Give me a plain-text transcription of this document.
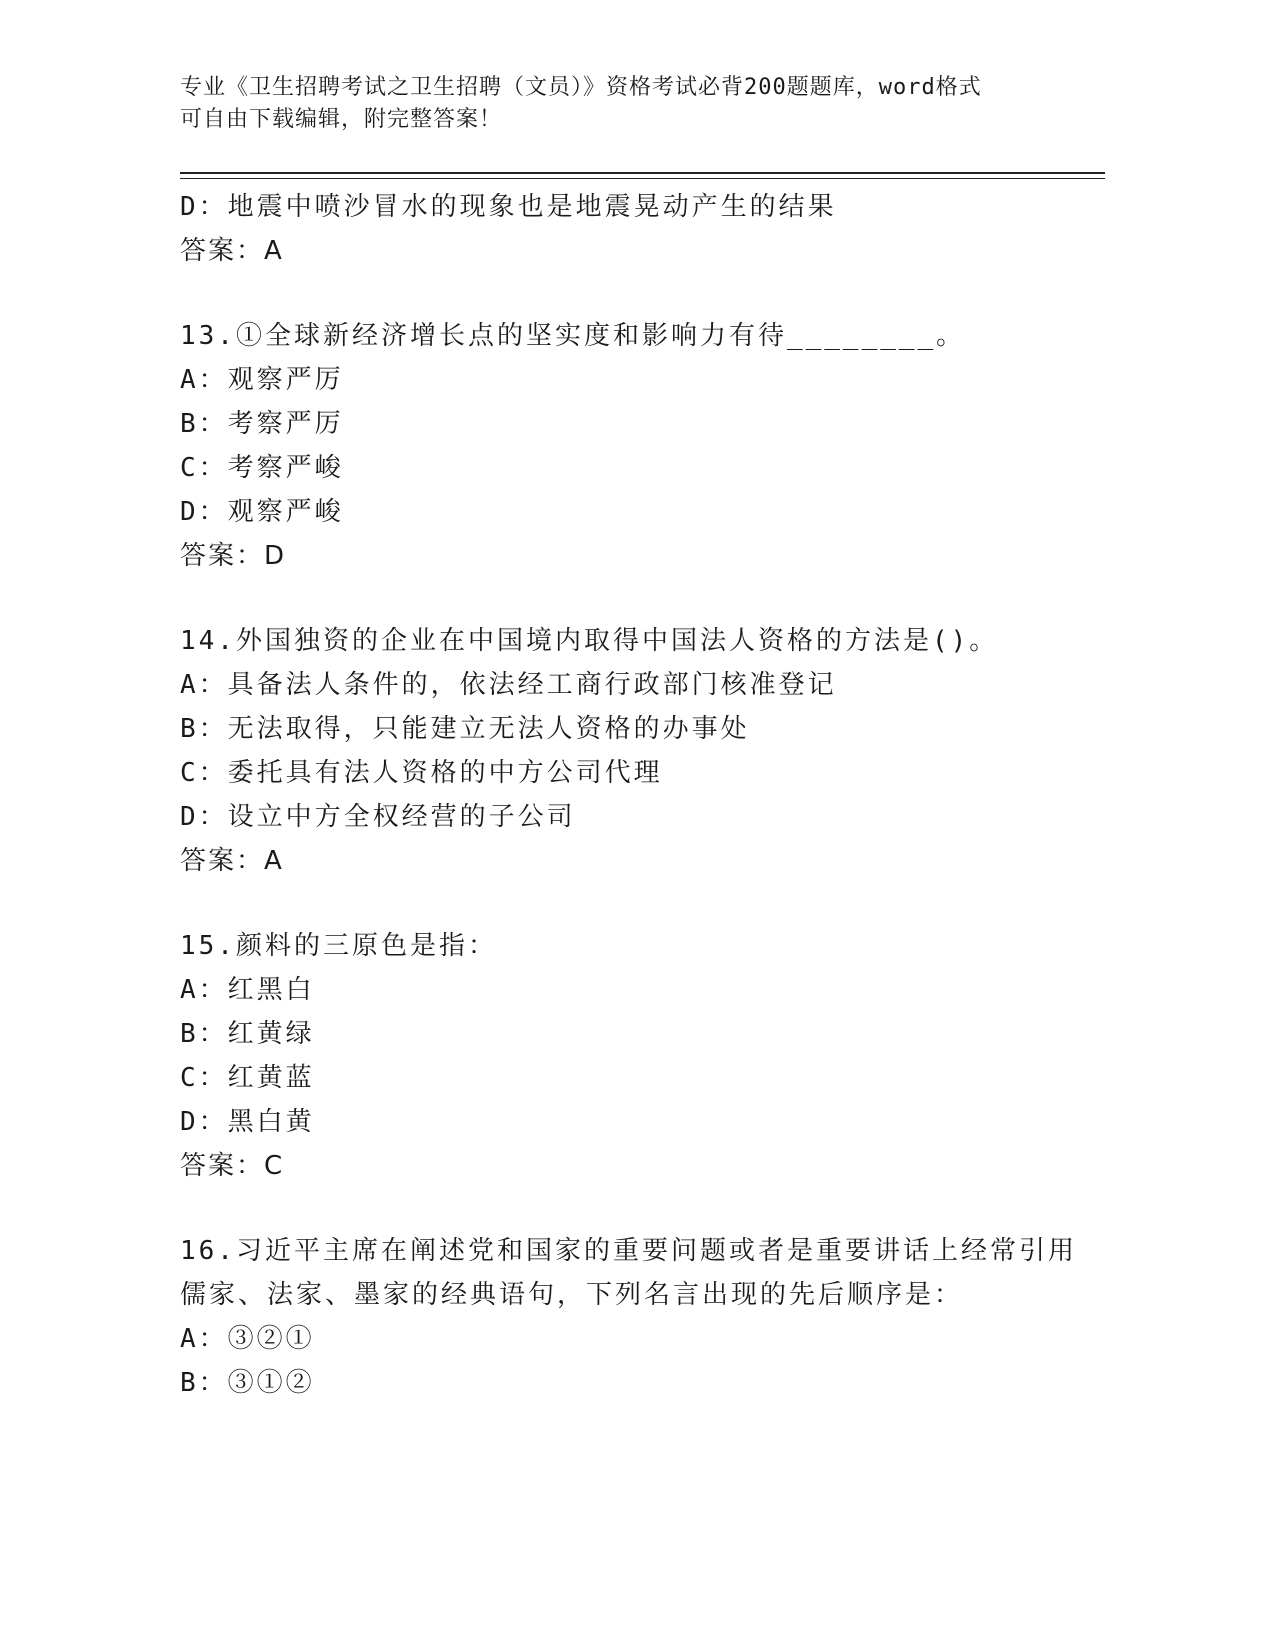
专业《卫生招聘考试之卫生招聘（文员）》资格考试必背200题题库，word格式
可自由下载编辑，附完整答案！
D：地震中喷沙冒水的现象也是地震晃动产生的结果
答案：A
13.①全球新经济增长点的坚实度和影响力有待________。
A：观察严厉
B：考察严厉
C：考察严峻
D：观察严峻
答案：D
14.外国独资的企业在中国境内取得中国法人资格的方法是()。
A：具备法人条件的，依法经工商行政部门核准登记
B：无法取得，只能建立无法人资格的办事处
C：委托具有法人资格的中方公司代理
D：设立中方全权经营的子公司
答案：A
15.颜料的三原色是指：
A：红黑白
B：红黄绿
C：红黄蓝
D：黑白黄
答案：C
16.习近平主席在阐述党和国家的重要问题或者是重要讲话上经常引用
儒家、法家、墨家的经典语句，下列名言出现的先后顺序是：
A：③②①
B：③①②
